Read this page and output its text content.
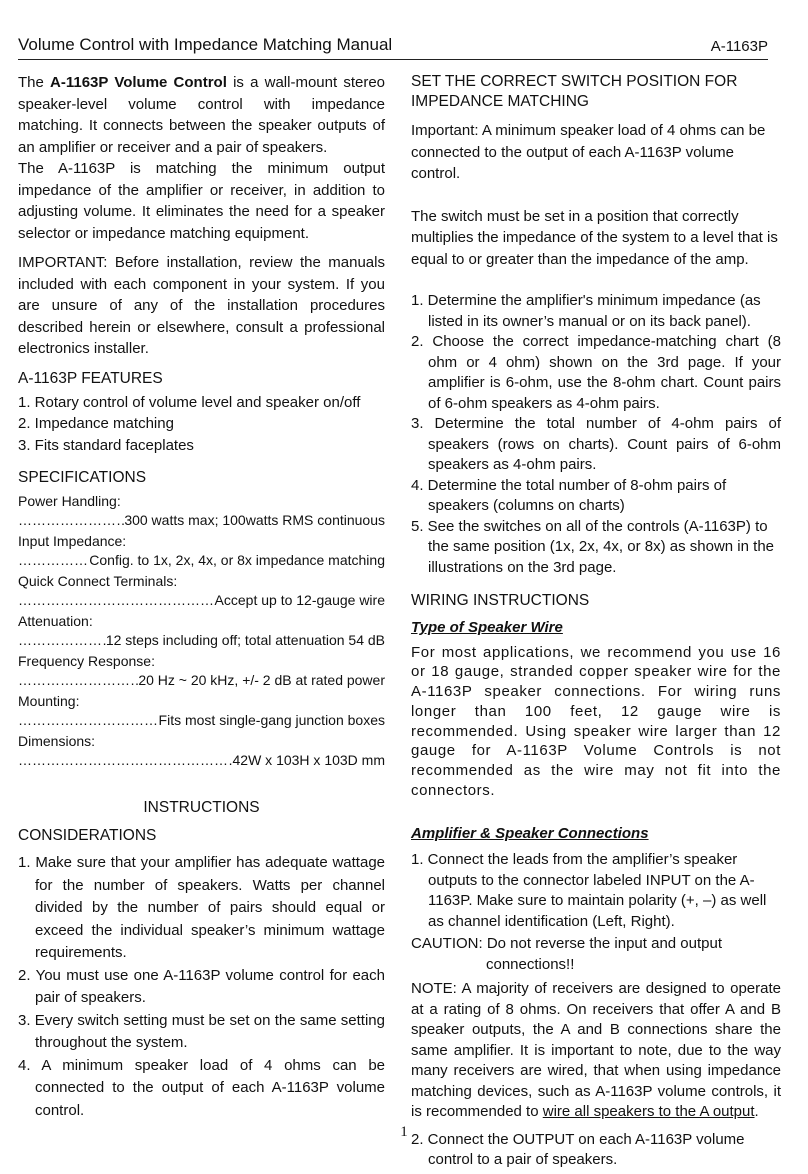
Volume Control with Impedance Matching Manual	A-1163P

The A-1163P Volume Control is a wall-mount stereo speaker-level volume control with impedance matching. It connects between the speaker outputs of an amplifier or receiver and a pair of speakers.

The A-1163P is matching the minimum output impedance of the amplifier or receiver, in addition to adjusting volume. It eliminates the need for a speaker selector or impedance matching equipment.

IMPORTANT: Before installation, review the manuals included with each component in your system. If you are unsure of any of the installation procedures described herein or elsewhere, consult a professional electronics installer.

A-1163P FEATURES
1. Rotary control of volume level and speaker on/off
2. Impedance matching
3. Fits standard faceplates
SPECIFICATIONS
Power Handling:
…………………………………………………………………………………………
300 watts max; 100watts RMS continuous
Input Impedance:
…………………………………………………………………………………………
Config. to 1x, 2x, 4x, or 8x impedance matching
Quick Connect Terminals:
…………………………………………………………………………………………
Accept up to 12-gauge wire
Attenuation:
…………………………………………………………………………………………
12 steps including off; total attenuation 54 dB
Frequency Response:
…………………………………………………………………………………………
20 Hz ~ 20 kHz, +/- 2 dB at rated power
Mounting:
…………………………………………………………………………………………
Fits most single-gang junction boxes
Dimensions:
…………………………………………………………………………………………
42W x 103H x 103D mm
INSTRUCTIONS
CONSIDERATIONS
1. Make sure that your amplifier has adequate wattage for the number of speakers. Watts per channel divided by the number of pairs should equal or exceed the individual speaker’s minimum wattage requirements.
2. You must use one A-1163P volume control for each pair of speakers.
3. Every switch setting must be set on the same setting throughout the system.
4. A minimum speaker load of 4 ohms can be connected to the output of each A-1163P volume control.
SET THE CORRECT SWITCH POSITION FOR IMPEDANCE MATCHING

Important: A minimum speaker load of 4 ohms can be connected to the output of each A-1163P volume control.

The switch must be set in a position that correctly multiplies the impedance of the system to a level that is equal to or greater than the impedance of the amp.

1. Determine the amplifier's minimum impedance (as listed in its owner’s manual or on its back panel).
2. Choose the correct impedance-matching chart (8 ohm or 4 ohm) shown on the 3rd page. If your amplifier is 6-ohm, use the 8-ohm chart. Count pairs of 6-ohm speakers as 4-ohm pairs.
3. Determine the total number of 4-ohm pairs of speakers (rows on charts). Count pairs of 6-ohm speakers as 4-ohm pairs.
4. Determine the total number of 8-ohm pairs of speakers (columns on charts)
5. See the switches on all of the controls (A-1163P) to the same position (1x, 2x, 4x, or 8x) as shown in the illustrations on the 3rd page.
WIRING INSTRUCTIONS
Type of Speaker Wire

For most applications, we recommend you use 16 or 18 gauge, stranded copper speaker wire for the A-1163P speaker connections. For wiring runs longer than 100 feet, 12 gauge wire is recommended. Using speaker wire larger than 12 gauge for A-1163P Volume Controls is not recommended as the wire may not fit into the connectors.

Amplifier & Speaker Connections
1. Connect the leads from the amplifier’s speaker outputs to the connector labeled INPUT on the A-1163P. Make sure to maintain polarity (+, –) as well as channel identification (Left, Right).

CAUTION: Do not reverse the input and output connections!!

NOTE: A majority of receivers are designed to operate at a rating of 8 ohms. On receivers that offer A and B speaker outputs, the A and B connections share the same amplifier. It is important to note, due to the way many receivers are wired, that when using impedance matching devices, such as A-1163P volume controls, it is recommended to wire all speakers to the A output.

2. Connect the OUTPUT on each A-1163P volume control to a pair of speakers.
1
